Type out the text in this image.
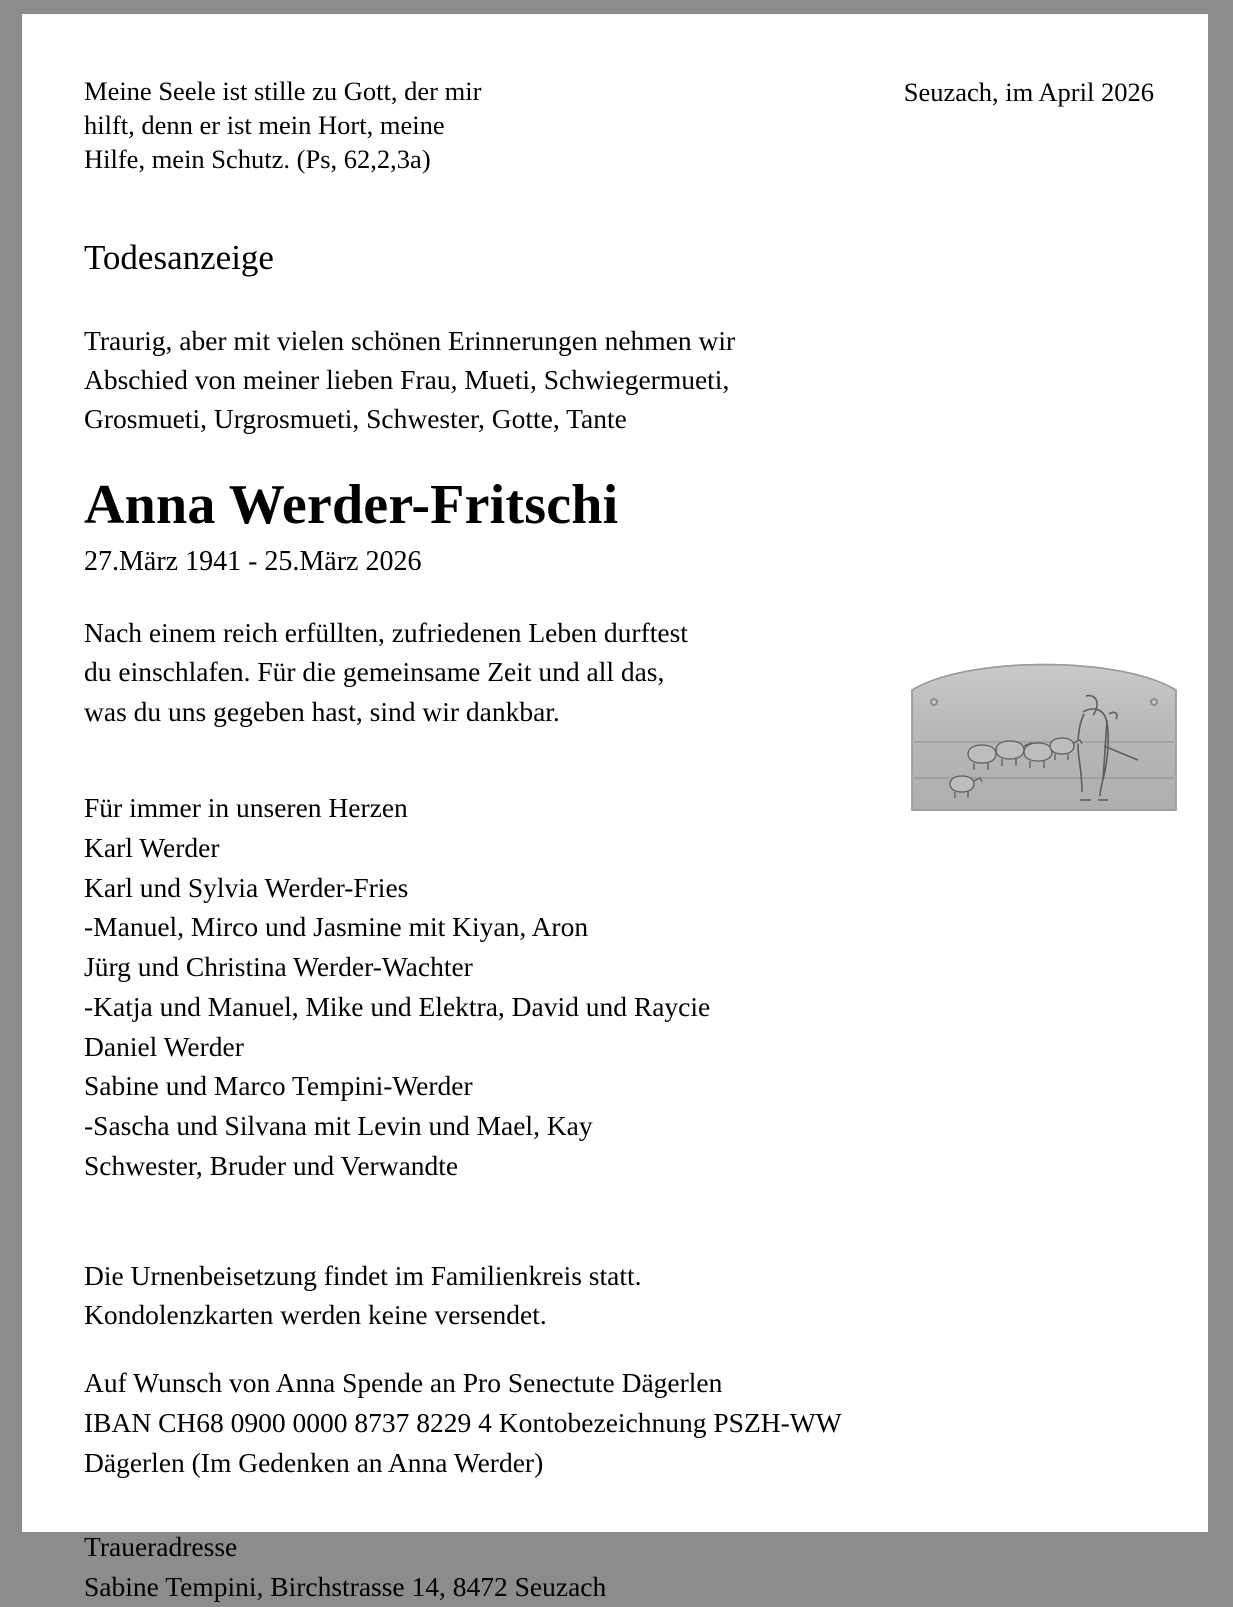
Meine Seele ist stille zu Gott, der mir
hilft, denn er ist mein Hort, meine
Hilfe, mein Schutz. (Ps, 62,2,3a)
Seuzach, im April 2026
Todesanzeige
Traurig, aber mit vielen schönen Erinnerungen nehmen wir
Abschied von meiner lieben Frau, Mueti, Schwiegermueti,
Grosmueti, Urgrosmueti, Schwester, Gotte, Tante
Anna Werder-Fritschi
27.März 1941 - 25.März 2026
Nach einem reich erfüllten, zufriedenen Leben durftest
du einschlafen. Für die gemeinsame Zeit und all das,
was du uns gegeben hast, sind wir dankbar.
Für immer in unseren Herzen
Karl Werder
Karl und Sylvia Werder-Fries
-Manuel, Mirco und Jasmine mit Kiyan, Aron
Jürg und Christina Werder-Wachter
-Katja und Manuel, Mike und Elektra, David und Raycie
Daniel Werder
Sabine und Marco Tempini-Werder
-Sascha und Silvana mit Levin und Mael, Kay
Schwester, Bruder und Verwandte
Die Urnenbeisetzung findet im Familienkreis statt.
Kondolenzkarten werden keine versendet.
Auf Wunsch von Anna Spende an Pro Senectute Dägerlen
IBAN CH68 0900 0000 8737 8229 4 Kontobezeichnung PSZH-WW
Dägerlen (Im Gedenken an Anna Werder)
Traueradresse
Sabine Tempini, Birchstrasse 14, 8472 Seuzach
